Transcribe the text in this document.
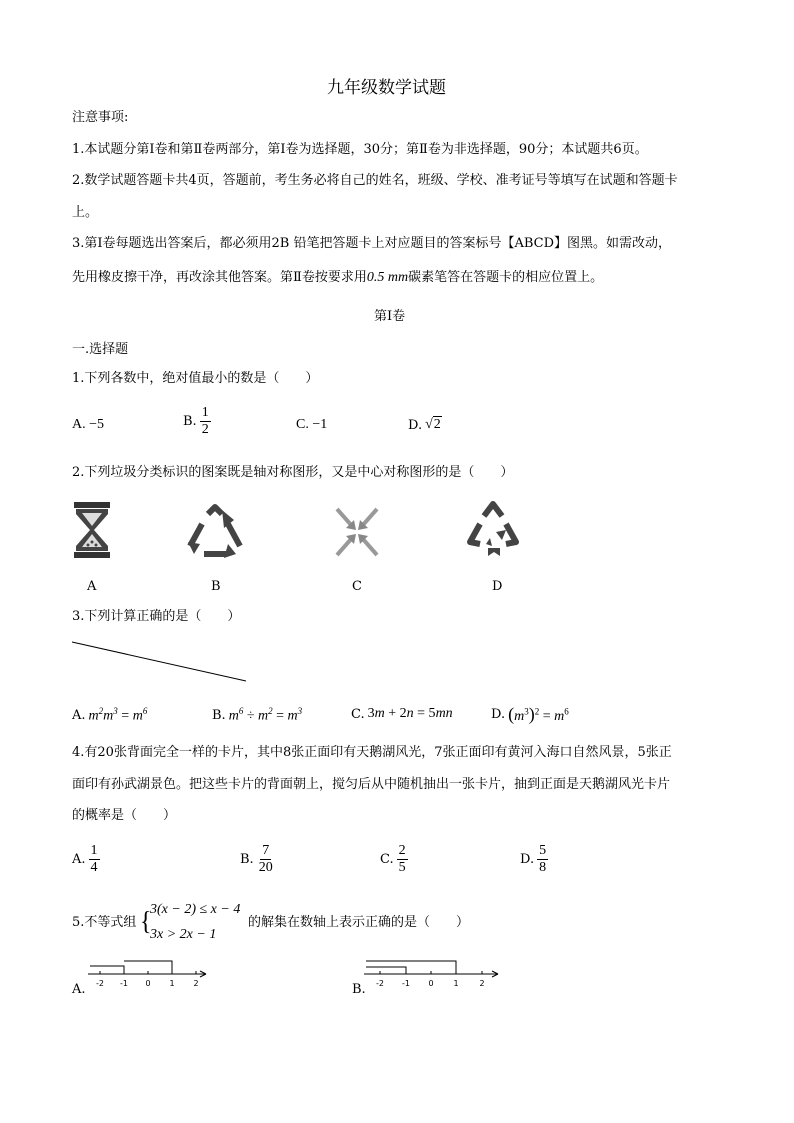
九年级数学试题
注意事项:
1.本试题分第Ⅰ卷和第Ⅱ卷两部分，第Ⅰ卷为选择题，30分；第Ⅱ卷为非选择题，90分；本试题共6页。
2.数学试题答题卡共4页，答题前，考生务必将自己的姓名，班级、学校、准考证号等填写在试题和答题卡
上。
3.第Ⅰ卷每题选出答案后，都必须用2B 铅笔把答题卡上对应题目的答案标号【ABCD】图黑。如需改动，
先用橡皮擦干净，再改涂其他答案。第Ⅱ卷按要求用0.5 mm碳素笔答在答题卡的相应位置上。
第Ⅰ卷
一.选择题
1.下列各数中，绝对值最小的数是（　　）
A. −5	B. $\frac{1}{2}$	C. −1	D. √2
2.下列垃圾分类标识的图案既是轴对称图形，又是中心对称图形的是（　　）
A	B	C	D
3.下列计算正确的是（　　）
A. $m^2m^3 = m^6$	B. $m^6 \div m^2 = m^3$	C. 3m + 2n = 5mn	D. $(m^3)^2 = m^6$
4.有20张背面完全一样的卡片，其中8张正面印有天鹅湖风光，7张正面印有黄河入海口自然风景，5张正
面印有孙武湖景色。把这些卡片的背面朝上，搅匀后从中随机抽出一张卡片，抽到正面是天鹅湖风光卡片
的概率是（　　）
A. $\frac{1}{4}$	B. $\frac{7}{20}$	C. $\frac{2}{5}$	D. $\frac{5}{8}$
5.不等式组 {
3(x − 2) ≤ x − 4
3x > 2x − 1
的解集在数轴上表示正确的是（　　）
A. -2 -1 0 1 2	B. -2 -1 0 1	2
